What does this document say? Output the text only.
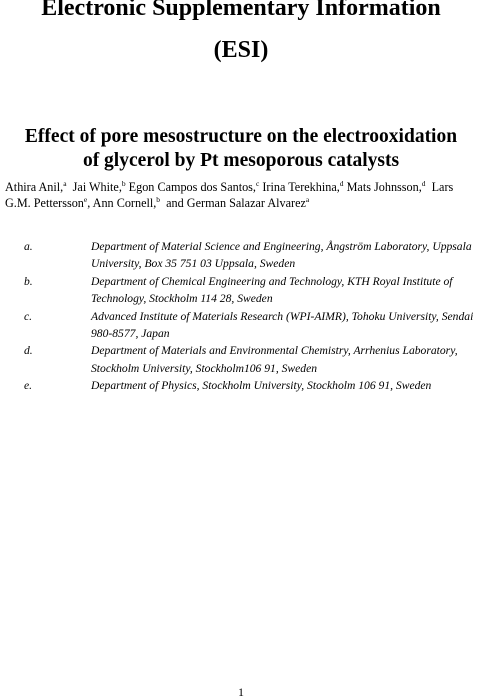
Electronic Supplementary Information
(ESI)
Effect of pore mesostructure on the electrooxidation
of glycerol by Pt mesoporous catalysts
Athira Anil,$^a$ Jai White,$^b$ Egon Campos dos Santos,$^c$ Irina Terekhina,$^d$ Mats Johnsson,$^d$ Lars G.M. Pettersson$^e$, Ann Cornell,$^b$  and German Salazar Alvarez$^a$
a.	Department of Material Science and Engineering, Ångström Laboratory, Uppsala University, Box 35 751 03 Uppsala, Sweden
b.	Department of Chemical Engineering and Technology, KTH Royal Institute of Technology, Stockholm 114 28, Sweden
c.	Advanced Institute of Materials Research (WPI-AIMR), Tohoku University, Sendai 980-8577, Japan
d.	Department of Materials and Environmental Chemistry, Arrhenius Laboratory, Stockholm University, Stockholm106 91, Sweden
e.	Department of Physics, Stockholm University, Stockholm 106 91, Sweden
1
